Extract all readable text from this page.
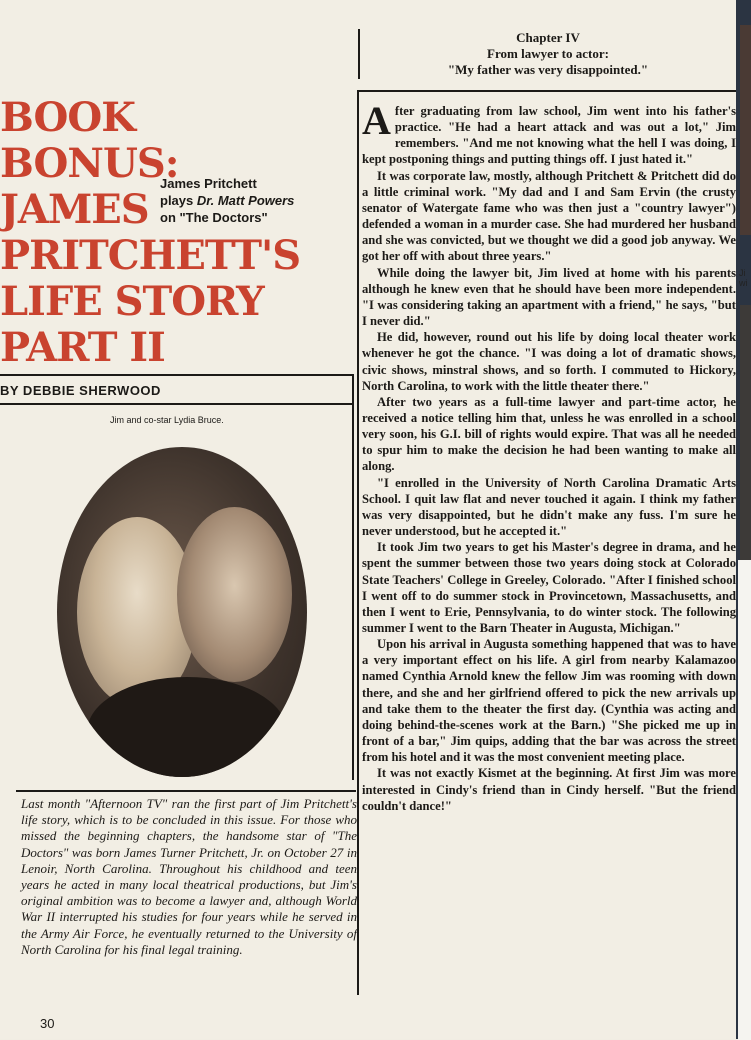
Ji
wi
BOOK
BONUS:
JAMES
PRITCHETT'S
LIFE STORY
PART II
James Pritchett
plays Dr. Matt Powers
on "The Doctors"
BY DEBBIE SHERWOOD
Jim and co-star Lydia Bruce.
Last month "Afternoon TV" ran the first part of Jim Pritchett's life story, which is to be concluded in this issue. For those who missed the beginning chapters, the handsome star of "The Doctors" was born James Turner Pritchett, Jr. on October 27 in Lenoir, North Carolina. Throughout his childhood and teen years he acted in many local theatrical productions, but Jim's original ambition was to become a lawyer and, although World War II interrupted his studies for four years while he served in the Army Air Force, he eventually returned to the University of North Carolina for his final legal training.
30
Chapter IV
From lawyer to actor:
"My father was very disappointed."

After graduating from law school, Jim went into his father's practice. "He had a heart attack and was out a lot," Jim remembers. "And me not knowing what the hell I was doing, I kept postponing things and putting things off. I just hated it."

It was corporate law, mostly, although Pritchett & Pritchett did do a little criminal work. "My dad and I and Sam Ervin (the crusty senator of Watergate fame who was then just a "country lawyer") defended a woman in a murder case. She had murdered her husband and she was convicted, but we thought we did a good job anyway. We got her off with about three years."

While doing the lawyer bit, Jim lived at home with his parents although he knew even that he should have been more independent. "I was considering taking an apartment with a friend," he says, "but I never did."

He did, however, round out his life by doing local theater work whenever he got the chance. "I was doing a lot of dramatic shows, civic shows, minstral shows, and so forth. I commuted to Hickory, North Carolina, to work with the little theater there."

After two years as a full-time lawyer and part-time actor, he received a notice telling him that, unless he was enrolled in a school very soon, his G.I. bill of rights would expire. That was all he needed to spur him to make the decision he had been wanting to make all along.

"I enrolled in the University of North Carolina Dramatic Arts School. I quit law flat and never touched it again. I think my father was very disappointed, but he didn't make any fuss. I'm sure he never understood, but he accepted it."

It took Jim two years to get his Master's degree in drama, and he spent the summer between those two years doing stock at Colorado State Teachers' College in Greeley, Colorado. "After I finished school I went off to do summer stock in Provincetown, Massachusetts, and then I went to Erie, Pennsylvania, to do winter stock. The following summer I went to the Barn Theater in Augusta, Michigan."

Upon his arrival in Augusta something happened that was to have a very important effect on his life. A girl from nearby Kalamazoo named Cynthia Arnold knew the fellow Jim was rooming with down there, and she and her girlfriend offered to pick the new arrivals up and take them to the theater the first day. (Cynthia was acting and doing behind-the-scenes work at the Barn.) "She picked me up in front of a bar," Jim quips, adding that the bar was across the street from his hotel and it was the most convenient meeting place.

It was not exactly Kismet at the beginning. At first Jim was more interested in Cindy's friend than in Cindy herself. "But the friend couldn't dance!"
